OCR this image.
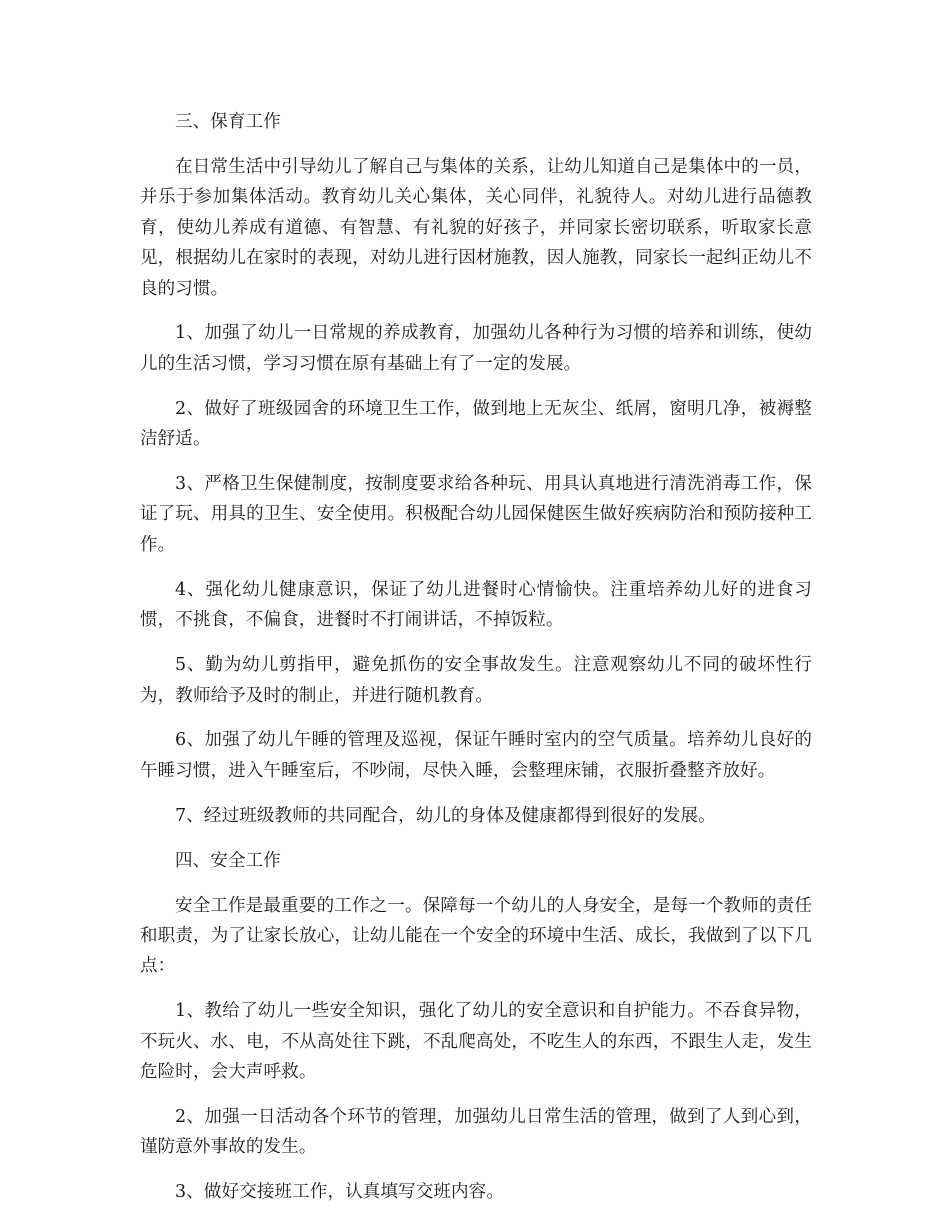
三、保育工作

在日常生活中引导幼儿了解自己与集体的关系，让幼儿知道自己是集体中的一员，并乐于参加集体活动。教育幼儿关心集体，关心同伴，礼貌待人。对幼儿进行品德教育，使幼儿养成有道德、有智慧、有礼貌的好孩子，并同家长密切联系，听取家长意见，根据幼儿在家时的表现，对幼儿进行因材施教，因人施教，同家长一起纠正幼儿不良的习惯。

1、加强了幼儿一日常规的养成教育，加强幼儿各种行为习惯的培养和训练，使幼儿的生活习惯，学习习惯在原有基础上有了一定的发展。

2、做好了班级园舍的环境卫生工作，做到地上无灰尘、纸屑，窗明几净，被褥整洁舒适。

3、严格卫生保健制度，按制度要求给各种玩、用具认真地进行清洗消毒工作，保证了玩、用具的卫生、安全使用。积极配合幼儿园保健医生做好疾病防治和预防接种工作。

4、强化幼儿健康意识，保证了幼儿进餐时心情愉快。注重培养幼儿好的进食习惯，不挑食，不偏食，进餐时不打闹讲话，不掉饭粒。

5、勤为幼儿剪指甲，避免抓伤的安全事故发生。注意观察幼儿不同的破坏性行为，教师给予及时的制止，并进行随机教育。

6、加强了幼儿午睡的管理及巡视，保证午睡时室内的空气质量。培养幼儿良好的午睡习惯，进入午睡室后，不吵闹，尽快入睡，会整理床铺，衣服折叠整齐放好。

7、经过班级教师的共同配合，幼儿的身体及健康都得到很好的发展。

四、安全工作

安全工作是最重要的工作之一。保障每一个幼儿的人身安全，是每一个教师的责任和职责，为了让家长放心，让幼儿能在一个安全的环境中生活、成长，我做到了以下几点：

1、教给了幼儿一些安全知识，强化了幼儿的安全意识和自护能力。不吞食异物，不玩火、水、电，不从高处往下跳，不乱爬高处，不吃生人的东西，不跟生人走，发生危险时，会大声呼救。

2、加强一日活动各个环节的管理，加强幼儿日常生活的管理，做到了人到心到，谨防意外事故的发生。

3、做好交接班工作，认真填写交班内容。
